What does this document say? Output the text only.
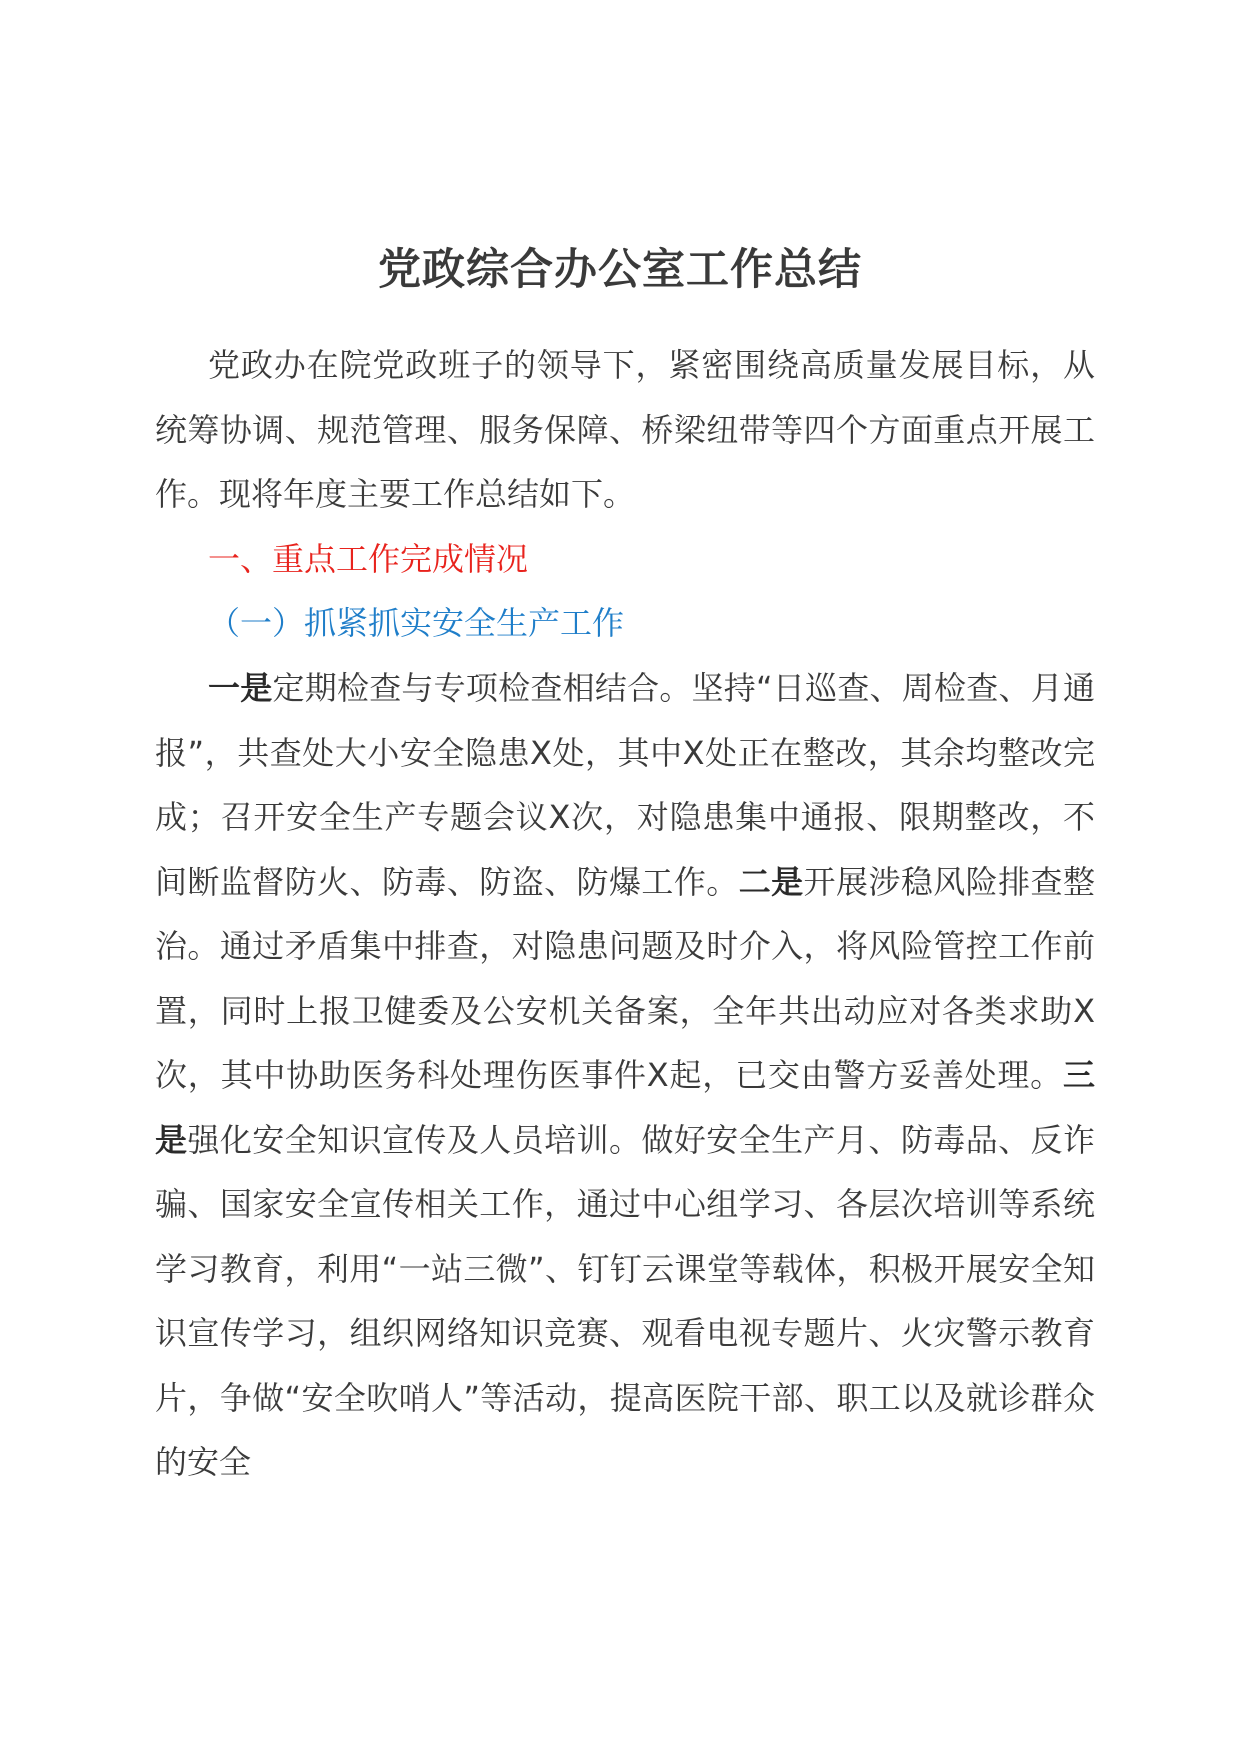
党政综合办公室工作总结
党政办在院党政班子的领导下，紧密围绕高质量发展目标，从统筹协调、规范管理、服务保障、桥梁纽带等四个方面重点开展工作。现将年度主要工作总结如下。
一、重点工作完成情况
（一）抓紧抓实安全生产工作
一是定期检查与专项检查相结合。坚持“日巡查、周检查、月通报”，共查处大小安全隐患X处，其中X处正在整改，其余均整改完成；召开安全生产专题会议X次，对隐患集中通报、限期整改，不间断监督防火、防毒、防盗、防爆工作。二是开展涉稳风险排查整治。通过矛盾集中排查，对隐患问题及时介入，将风险管控工作前置，同时上报卫健委及公安机关备案，全年共出动应对各类求助X次，其中协助医务科处理伤医事件X起，已交由警方妥善处理。三是强化安全知识宣传及人员培训。做好安全生产月、防毒品、反诈骗、国家安全宣传相关工作，通过中心组学习、各层次培训等系统学习教育，利用“一站三微”、钉钉云课堂等载体，积极开展安全知识宣传学习，组织网络知识竞赛、观看电视专题片、火灾警示教育片，争做“安全吹哨人”等活动，提高医院干部、职工以及就诊群众的安全
